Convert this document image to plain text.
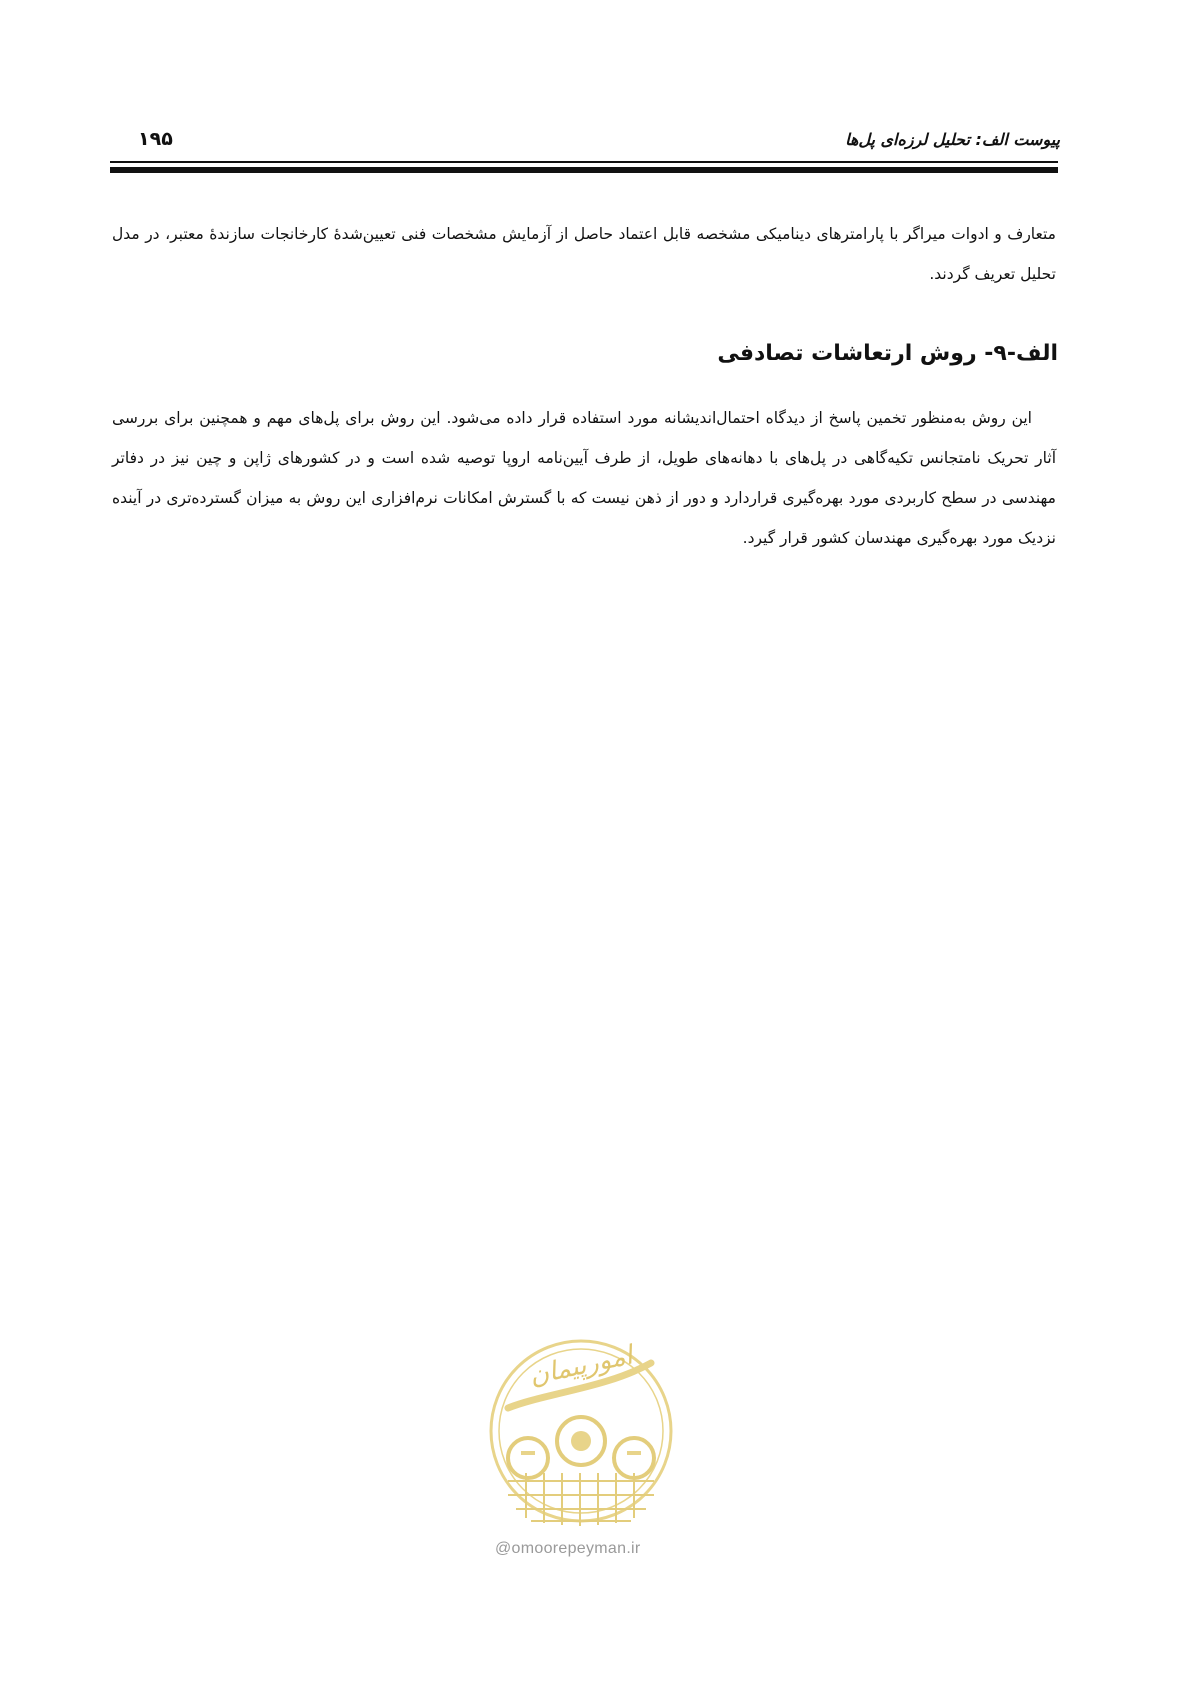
۱۹۵	پیوست الف: تحلیل لرزه‌ای پل‌ها

متعارف و ادوات میراگر با پارامترهای دینامیکی مشخصه قابل اعتماد حاصل از آزمایش مشخصات فنی تعیین‌شدهٔ کارخانجات سازندهٔ معتبر، در مدل تحلیل تعریف گردند.

الف-۹- روش ارتعاشات تصادفی

این روش به‌منظور تخمین پاسخ از دیدگاه احتمال‌اندیشانه مورد استفاده قرار داده می‌شود. این روش برای پل‌های مهم و همچنین برای بررسی آثار تحریک نامتجانس تکیه‌گاهی در پل‌های با دهانه‌های طویل، از طرف آیین‌نامه اروپا توصیه شده است و در کشورهای ژاپن و چین نیز در دفاتر مهندسی در سطح کاربردی مورد بهره‌گیری قراردارد و دور از ذهن نیست که با گسترش امکانات نرم‌افزاری این روش به میزان گسترده‌تری در آینده نزدیک مورد بهره‌گیری مهندسان کشور قرار گیرد.

امورپیمان
@omoorepeyman.ir
